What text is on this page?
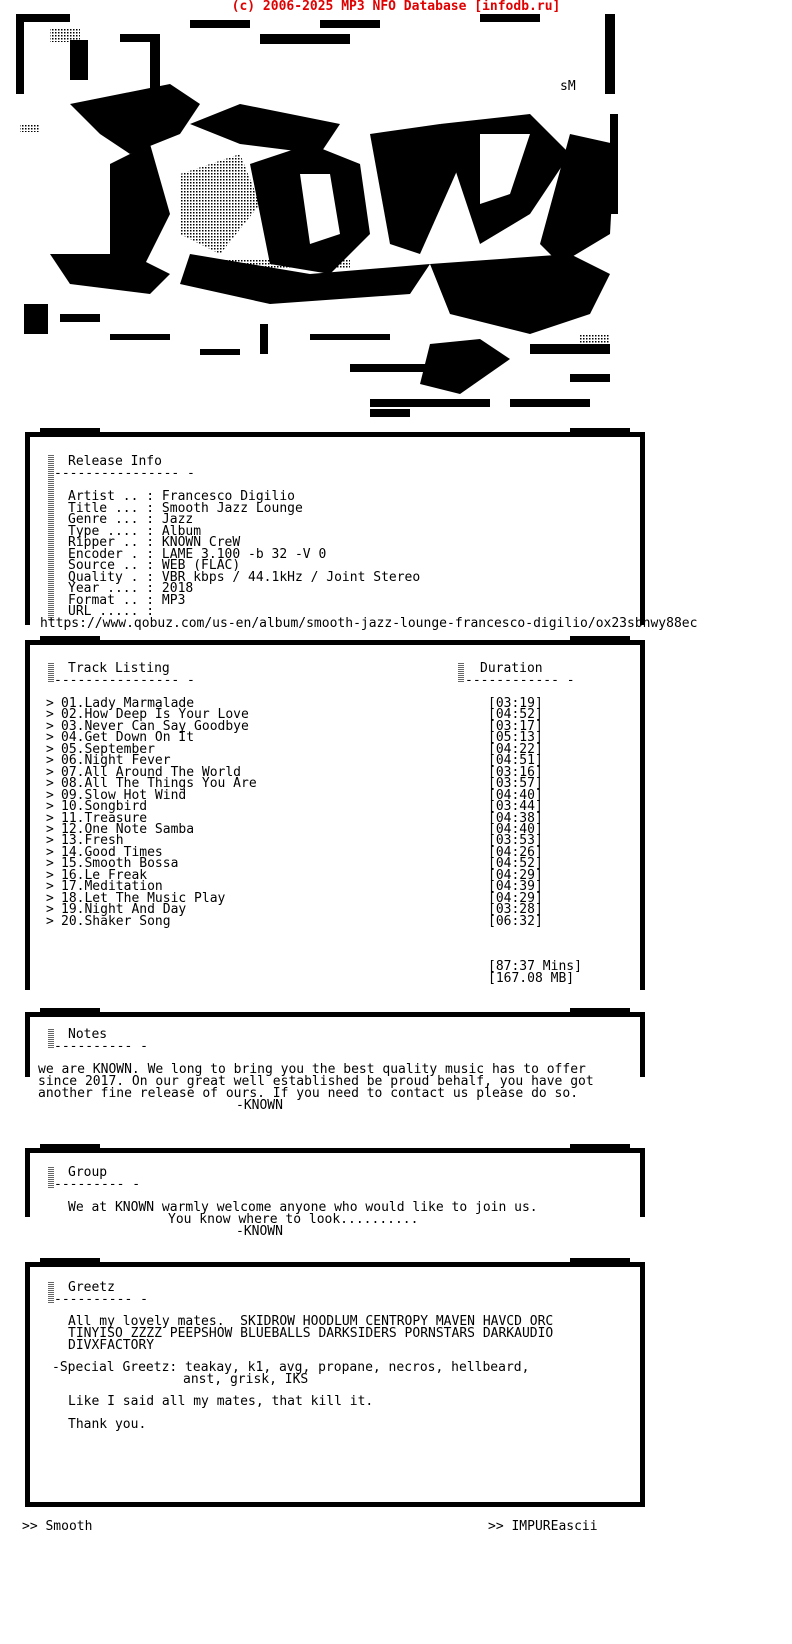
(c) 2006-2025 MP3 NFO Database [infodb.ru]
sM
Release Info
---------------- -
Artist .. : Francesco Digilio
Title ... : Smooth Jazz Lounge
Genre ... : Jazz
Type .... : Album
Ripper .. : KNOWN CreW
Encoder . : LAME 3.100 -b 32 -V 0
Source .. : WEB (FLAC)
Quality . : VBR kbps / 44.1kHz / Joint Stereo
Year .... : 2018
Format .. : MP3
URL ..... :
https://www.qobuz.com/us-en/album/smooth-jazz-lounge-francesco-digilio/ox23sbnwy88ec
Track Listing
---------------- -
Duration
------------ -
> 01.Lady Marmalade	[03:19]
> 02.How Deep Is Your Love	[04:52]
> 03.Never Can Say Goodbye	[03:17]
> 04.Get Down On It	[05:13]
> 05.September	[04:22]
> 06.Night Fever	[04:51]
> 07.All Around The World	[03:16]
> 08.All The Things You Are	[03:57]
> 09.Slow Hot Wind	[04:40]
> 10.Songbird	[03:44]
> 11.Treasure	[04:38]
> 12.One Note Samba	[04:40]
> 13.Fresh	[03:53]
> 14.Good Times	[04:26]
> 15.Smooth Bossa	[04:52]
> 16.Le Freak	[04:29]
> 17.Meditation	[04:39]
> 18.Let The Music Play	[04:29]
> 19.Night And Day	[03:28]
> 20.Shaker Song	[06:32]
[87:37 Mins]
[167.08 MB]
Notes
---------- -
we are KNOWN. We long to bring you the best quality music has to offer
since 2017. On our great well established be proud behalf, you have got
another fine release of ours. If you need to contact us please do so.
-KNOWN
Group
--------- -
We at KNOWN warmly welcome anyone who would like to join us.
You know where to look..........
-KNOWN
Greetz
---------- -
All my lovely mates.  SKIDROW HOODLUM CENTROPY MAVEN HAVCD ORC
TINYISO ZZZZ PEEPSHOW BLUEBALLS DARKSIDERS PORNSTARS DARKAUDIO
DIVXFACTORY
-Special Greetz: teakay, k1, avg, propane, necros, hellbeard,
anst, grisk, IKS
Like I said all my mates, that kill it.
Thank you.
>> Smooth	>> IMPUREascii
